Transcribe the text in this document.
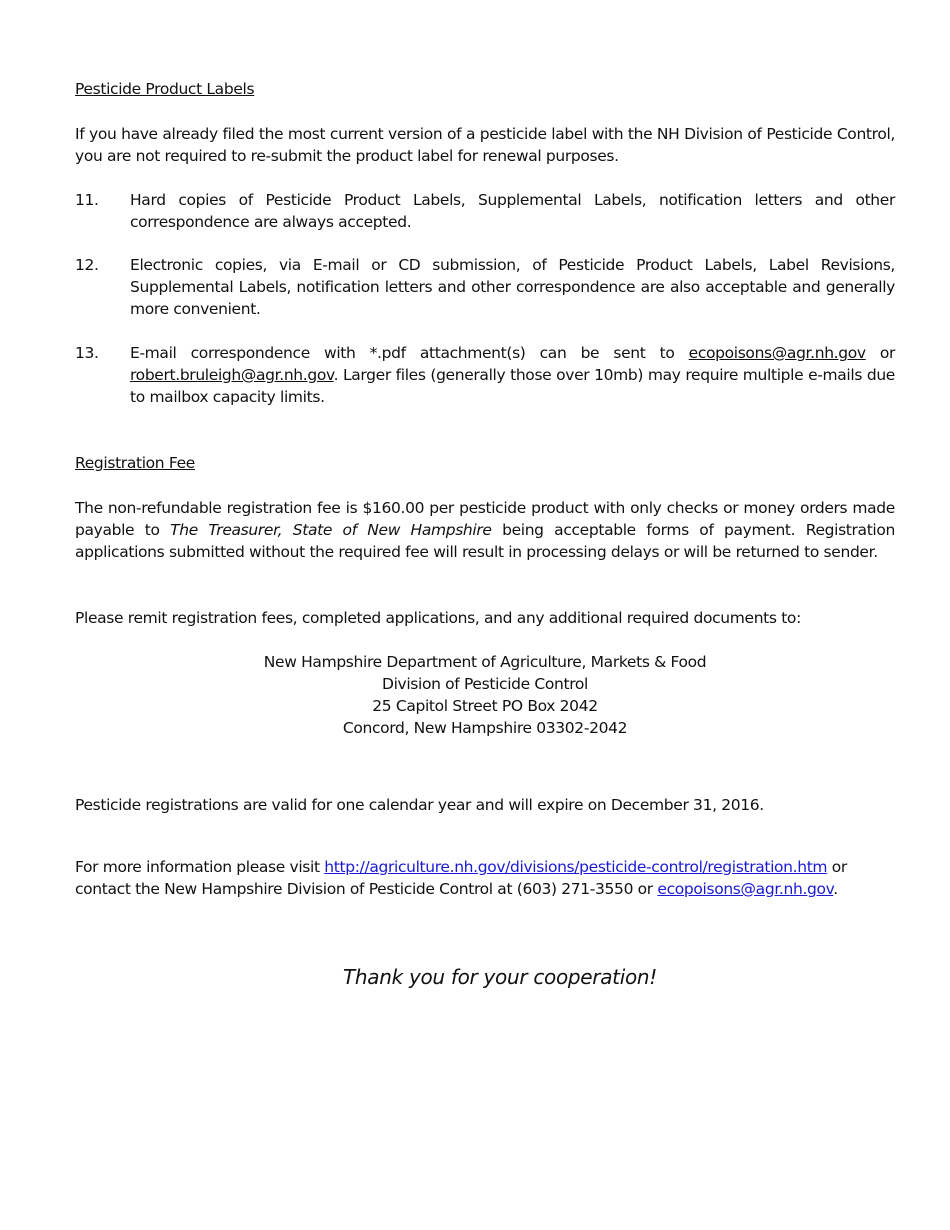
Pesticide Product Labels
If you have already filed the most current version of a pesticide label with the NH Division of Pesticide Control, you are not required to re-submit the product label for renewal purposes.
11.	Hard copies of Pesticide Product Labels, Supplemental Labels, notification letters and other correspondence are always accepted.
12.	Electronic copies, via E-mail or CD submission, of Pesticide Product Labels, Label Revisions, Supplemental Labels, notification letters and other correspondence are also acceptable and generally more convenient.
13.	E-mail correspondence with *.pdf attachment(s) can be sent to ecopoisons@agr.nh.gov or robert.bruleigh@agr.nh.gov. Larger files (generally those over 10mb) may require multiple e-mails due to mailbox capacity limits.
Registration Fee
The non-refundable registration fee is $160.00 per pesticide product with only checks or money orders made payable to The Treasurer, State of New Hampshire being acceptable forms of payment. Registration applications submitted without the required fee will result in processing delays or will be returned to sender.
Please remit registration fees, completed applications, and any additional required documents to:
New Hampshire Department of Agriculture, Markets & Food
Division of Pesticide Control
25 Capitol Street PO Box 2042
Concord, New Hampshire 03302-2042
Pesticide registrations are valid for one calendar year and will expire on December 31, 2016.
For more information please visit http://agriculture.nh.gov/divisions/pesticide-control/registration.htm or contact the New Hampshire Division of Pesticide Control at (603) 271-3550 or ecopoisons@agr.nh.gov.
Thank you for your cooperation!
